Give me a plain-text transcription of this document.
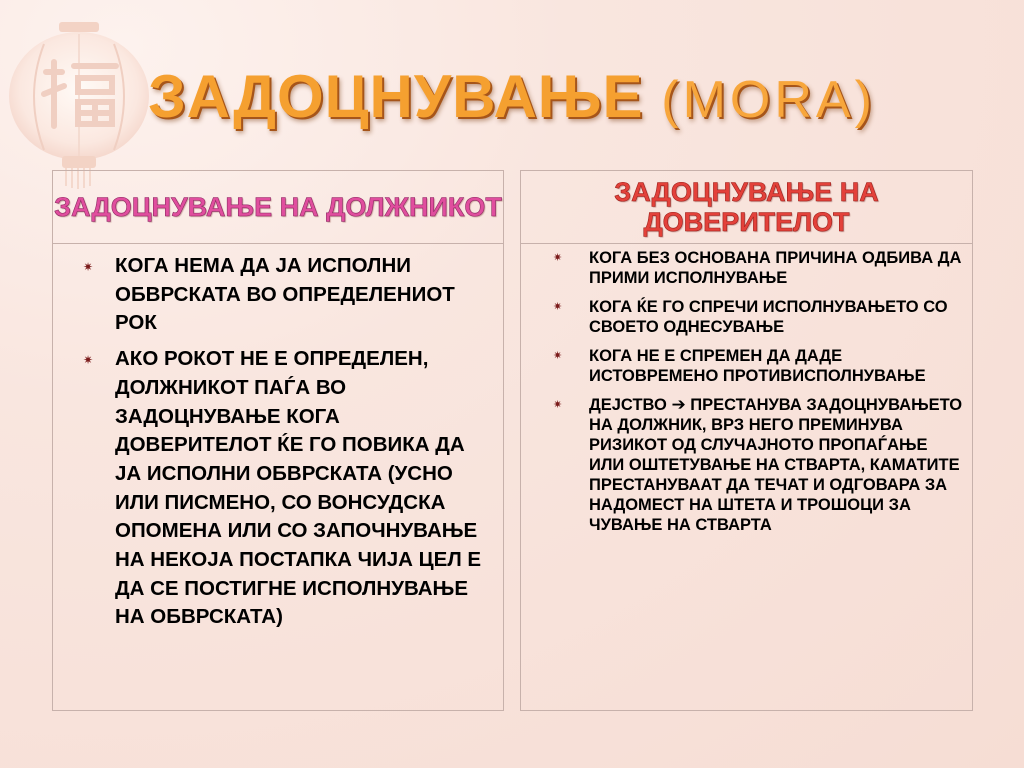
ЗАДОЦНУВАЊЕ (MORA)
ЗАДОЦНУВАЊЕ НА ДОЛЖНИКОТ
✷ КОГА НЕМА ДА ЈА ИСПОЛНИ ОБВРСКАТА ВО ОПРЕДЕЛЕНИОТ РОК
✷ АКО РОКОТ НЕ Е ОПРЕДЕЛЕН, ДОЛЖНИКОТ ПАЃА ВО ЗАДОЦНУВАЊЕ КОГА ДОВЕРИТЕЛОТ ЌЕ ГО ПОВИКА ДА ЈА ИСПОЛНИ ОБВРСКАТА (УСНО ИЛИ ПИСМЕНО, СО ВОНСУДСКА ОПОМЕНА ИЛИ СО ЗАПОЧНУВАЊЕ НА НЕКОЈА ПОСТАПКА ЧИЈА ЦЕЛ Е ДА СЕ ПОСТИГНЕ ИСПОЛНУВАЊЕ НА ОБВРСКАТА)
ЗАДОЦНУВАЊЕ НА ДОВЕРИТЕЛОТ
✷ КОГА БЕЗ ОСНОВАНА ПРИЧИНА ОДБИВА ДА ПРИМИ ИСПОЛНУВАЊЕ
✷ КОГА ЌЕ ГО СПРЕЧИ ИСПОЛНУВАЊЕТО СО СВОЕТО ОДНЕСУВАЊЕ
✷ КОГА НЕ Е СПРЕМЕН ДА ДАДЕ ИСТОВРЕМЕНО ПРОТИВИСПОЛНУВАЊЕ
✷ ДЕЈСТВО ➔ ПРЕСТАНУВА ЗАДОЦНУВАЊЕТО НА ДОЛЖНИК, ВРЗ НЕГО ПРЕМИНУВА РИЗИКОТ ОД СЛУЧАЈНОТО ПРОПАЃАЊЕ ИЛИ ОШТЕТУВАЊЕ НА СТВАРТА, КАМАТИТЕ ПРЕСТАНУВААТ ДА ТЕЧАТ И ОДГОВАРА ЗА НАДОМЕСТ НА ШТЕТА И ТРОШОЦИ ЗА ЧУВАЊЕ НА СТВАРТА
